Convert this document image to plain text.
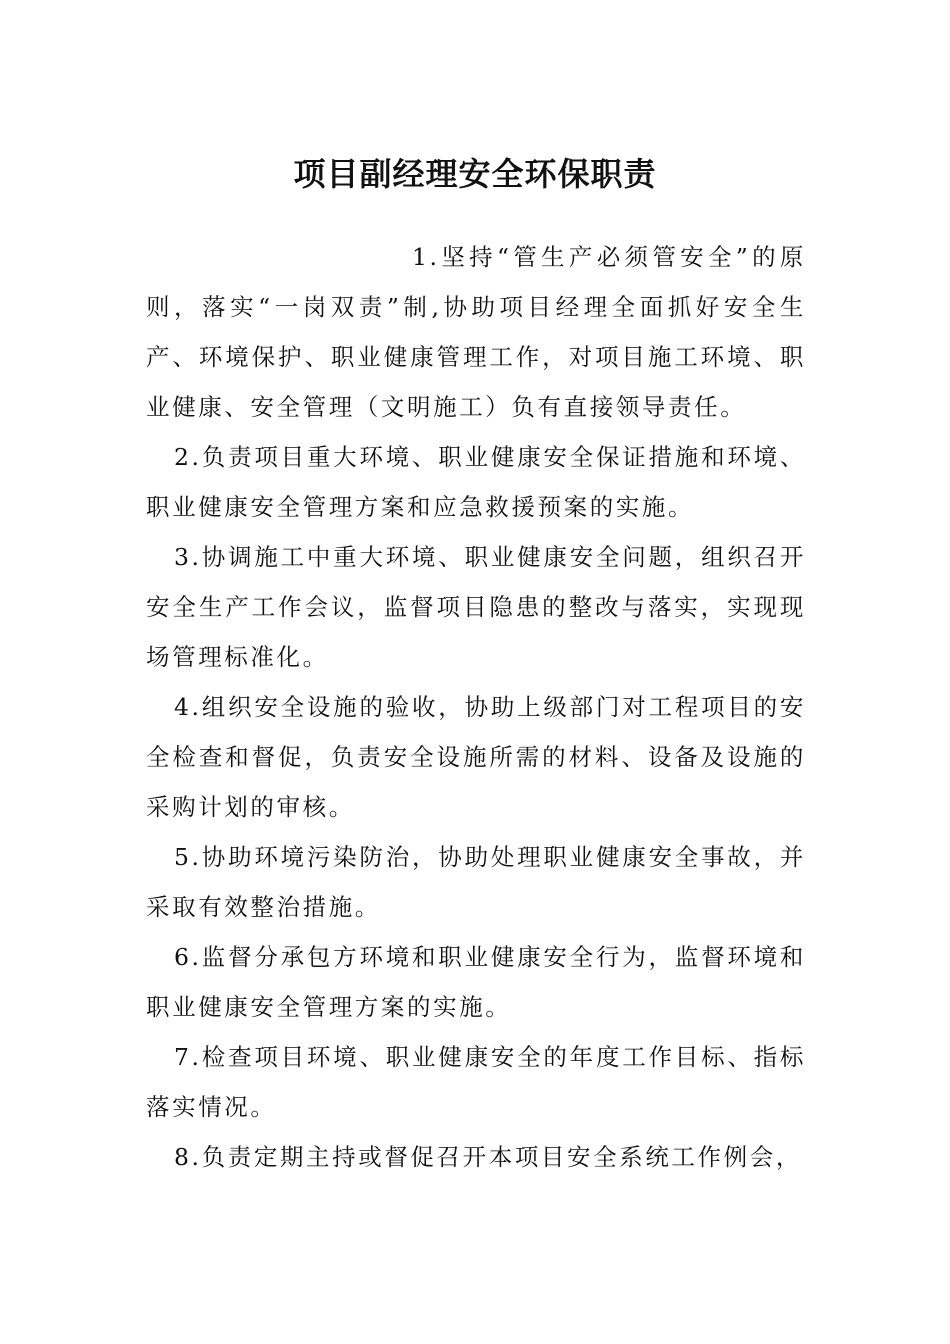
项目副经理安全环保职责

1.坚持“管生产必须管安全”的原则，落实“一岗双责”制,协助项目经理全面抓好安全生产、环境保护、职业健康管理工作，对项目施工环境、职业健康、安全管理（文明施工）负有直接领导责任。

2.负责项目重大环境、职业健康安全保证措施和环境、职业健康安全管理方案和应急救援预案的实施。

3.协调施工中重大环境、职业健康安全问题，组织召开安全生产工作会议，监督项目隐患的整改与落实，实现现场管理标准化。

4.组织安全设施的验收，协助上级部门对工程项目的安全检查和督促，负责安全设施所需的材料、设备及设施的采购计划的审核。

5.协助环境污染防治，协助处理职业健康安全事故，并采取有效整治措施。

6.监督分承包方环境和职业健康安全行为，监督环境和职业健康安全管理方案的实施。

7.检查项目环境、职业健康安全的年度工作目标、指标落实情况。

8.负责定期主持或督促召开本项目安全系统工作例会，
